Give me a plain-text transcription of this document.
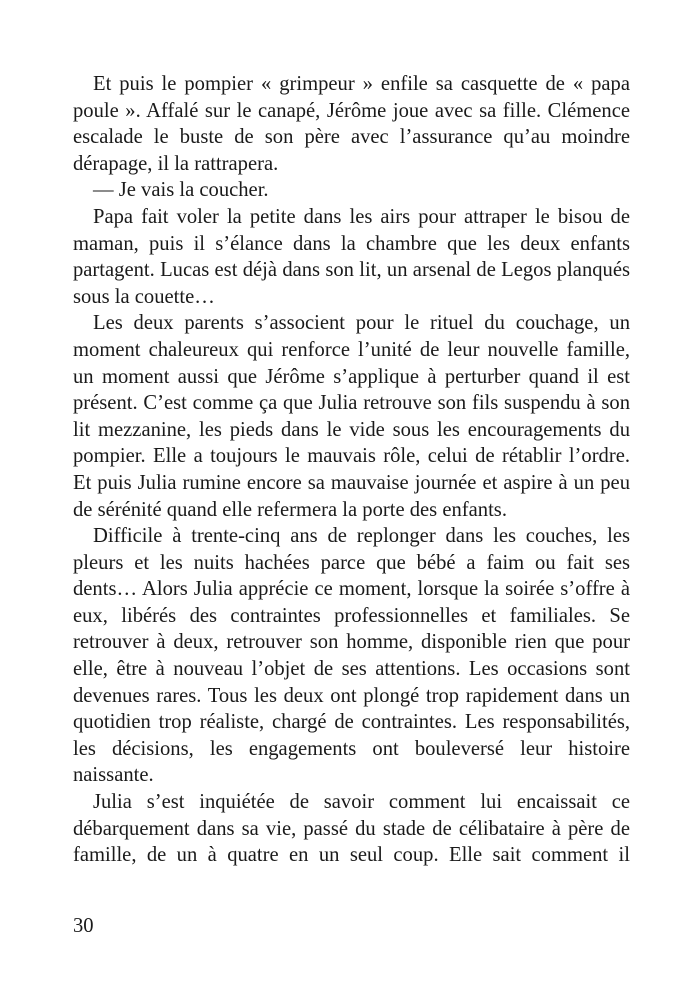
Et puis le pompier « grimpeur » enfile sa casquette de « papa poule ». Affalé sur le canapé, Jérôme joue avec sa fille. Clémence escalade le buste de son père avec l’assurance qu’au moindre dérapage, il la rattrapera.

— Je vais la coucher.

Papa fait voler la petite dans les airs pour attraper le bisou de maman, puis il s’élance dans la chambre que les deux enfants partagent. Lucas est déjà dans son lit, un arsenal de Legos planqués sous la couette…

Les deux parents s’associent pour le rituel du couchage, un moment chaleureux qui renforce l’unité de leur nouvelle famille, un moment aussi que Jérôme s’applique à perturber quand il est présent. C’est comme ça que Julia retrouve son fils suspendu à son lit mezzanine, les pieds dans le vide sous les encouragements du pompier. Elle a toujours le mauvais rôle, celui de rétablir l’ordre. Et puis Julia rumine encore sa mauvaise journée et aspire à un peu de sérénité quand elle refermera la porte des enfants.

Difficile à trente-cinq ans de replonger dans les couches, les pleurs et les nuits hachées parce que bébé a faim ou fait ses dents… Alors Julia apprécie ce moment, lorsque la soirée s’offre à eux, libérés des contraintes professionnelles et familiales. Se retrouver à deux, retrouver son homme, disponible rien que pour elle, être à nouveau l’objet de ses attentions. Les occasions sont devenues rares. Tous les deux ont plongé trop rapidement dans un quotidien trop réaliste, chargé de contraintes. Les responsabilités, les décisions, les engagements ont bouleversé leur histoire naissante.

Julia s’est inquiétée de savoir comment lui encaissait ce débarquement dans sa vie, passé du stade de célibataire à père de famille, de un à quatre en un seul coup. Elle sait comment il

30
